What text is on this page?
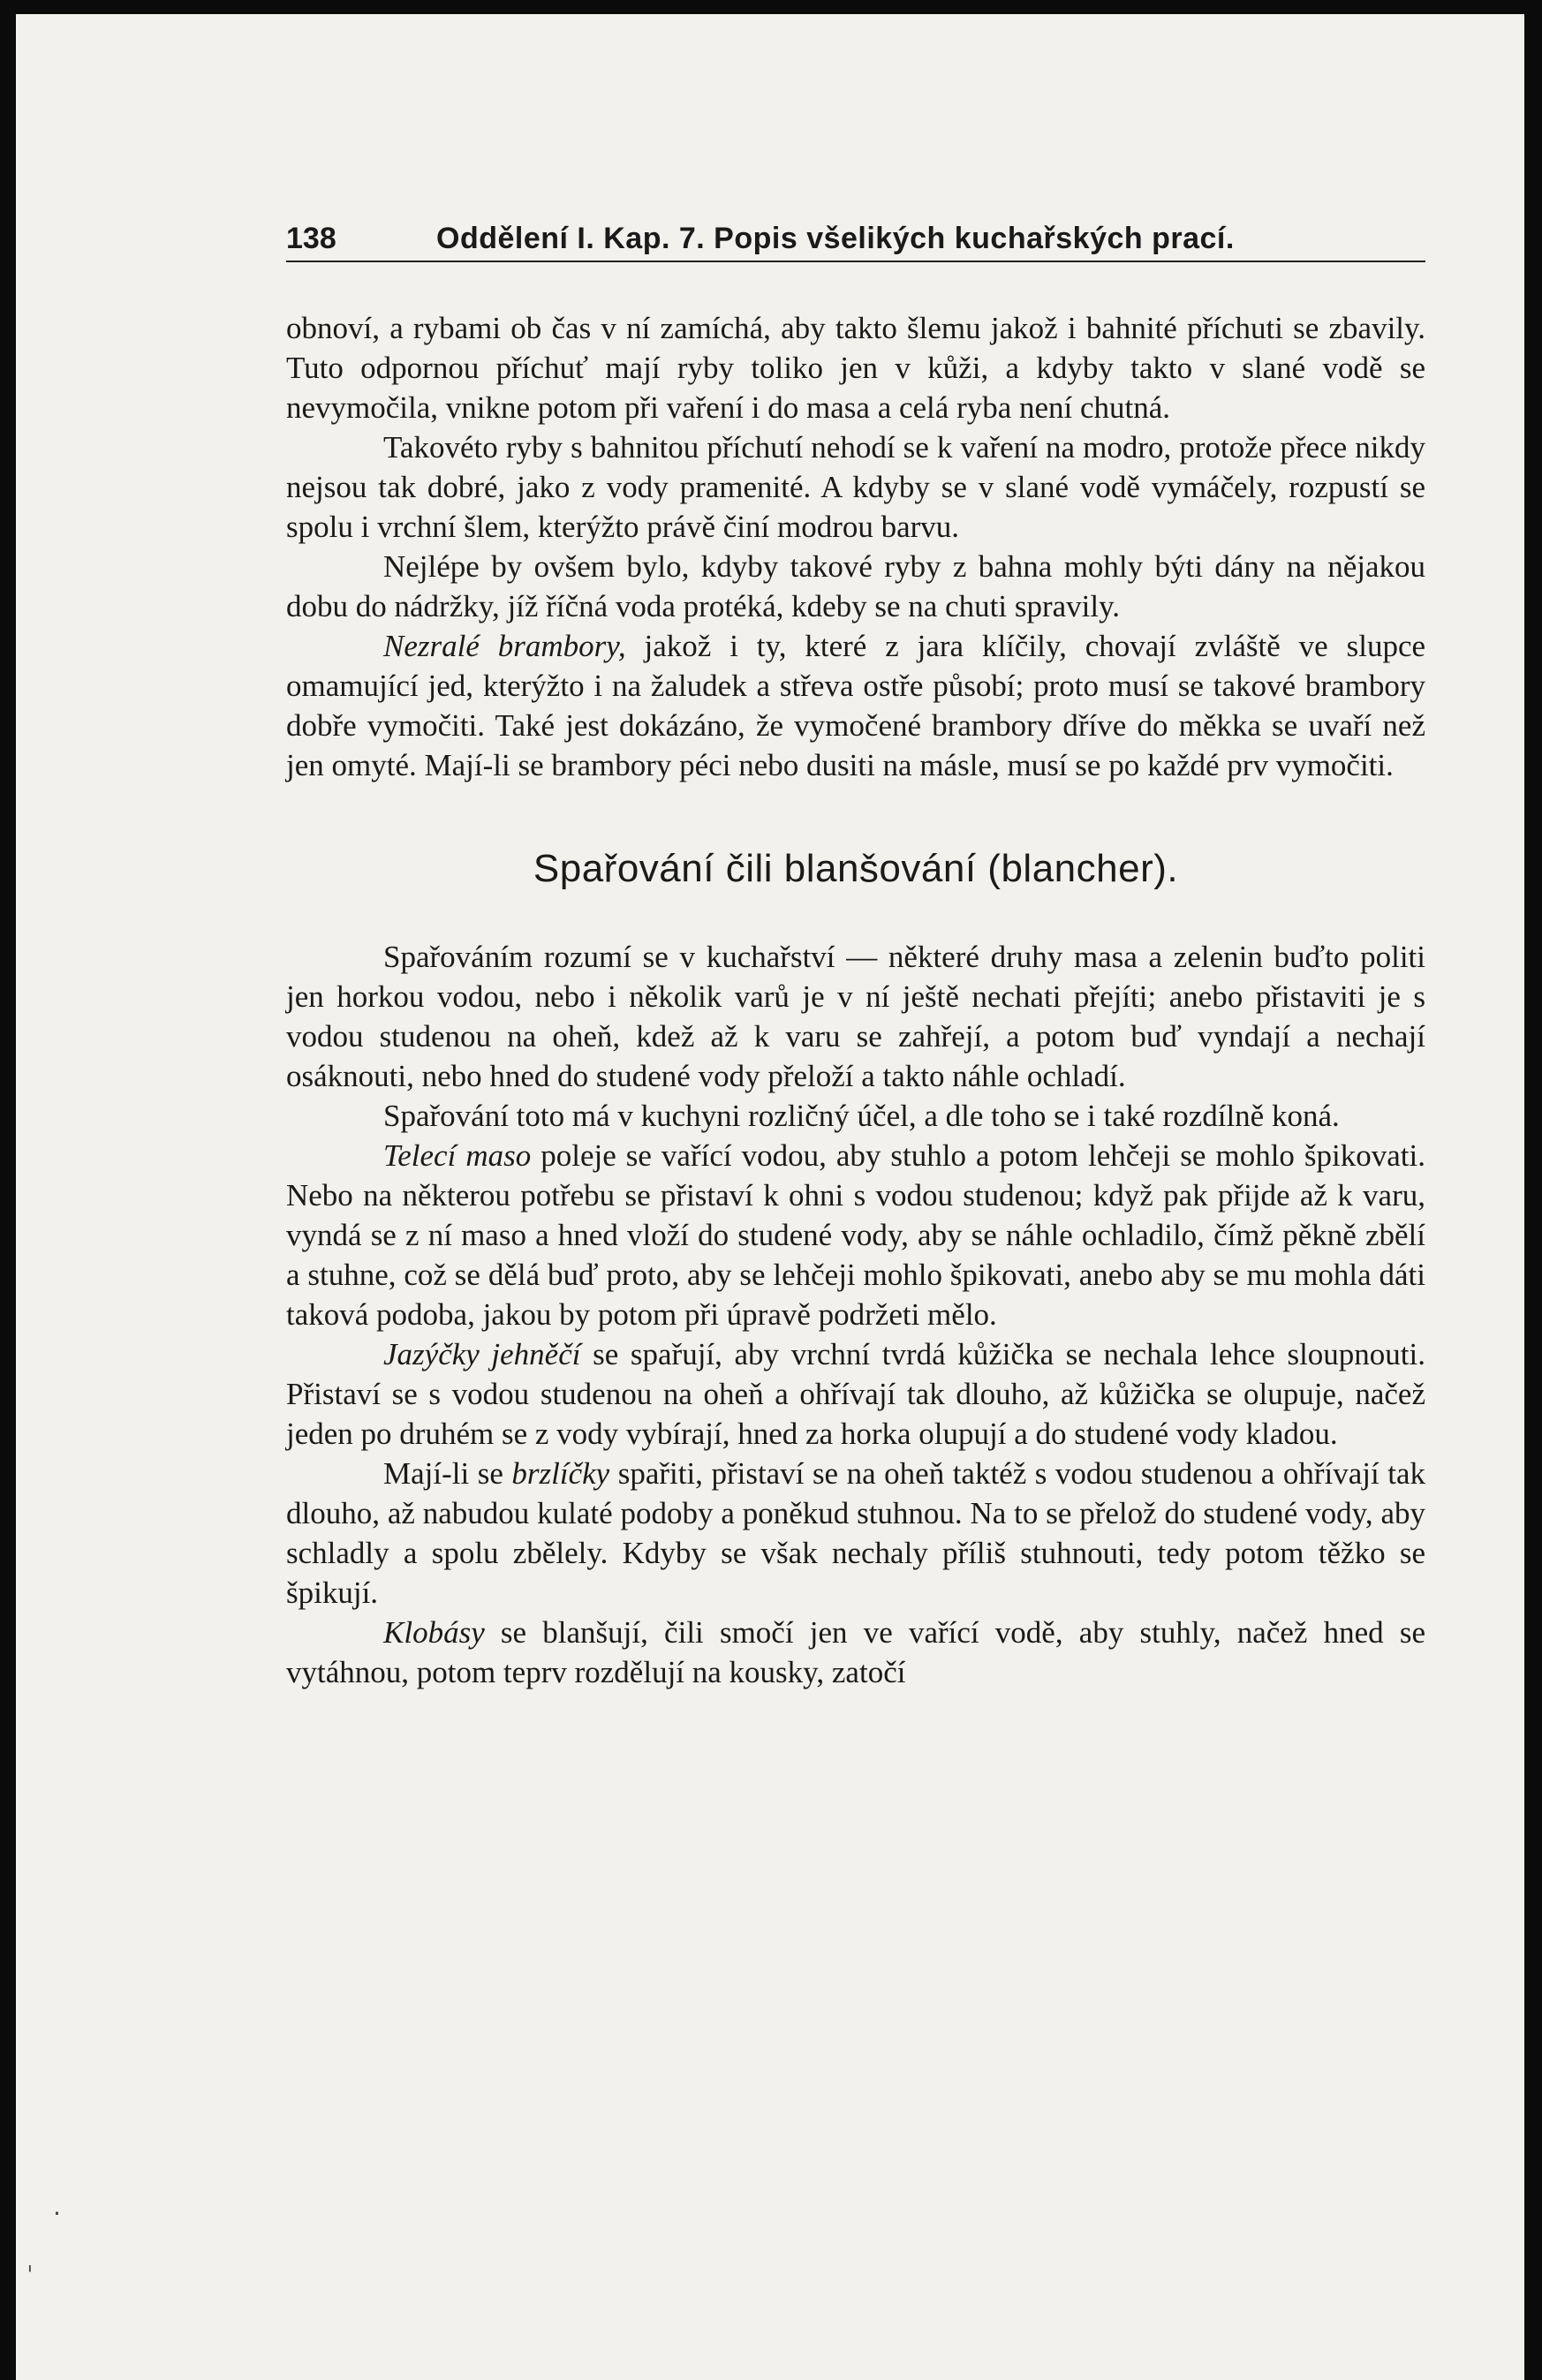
138	Oddělení I. Kap. 7. Popis všelikých kuchařských prací.

obnoví, a rybami ob čas v ní zamíchá, aby takto šlemu jakož i bahnité příchuti se zbavily. Tuto odpornou příchuť mají ryby toliko jen v kůži, a kdyby takto v slané vodě se nevymočila, vnikne potom při vaření i do masa a celá ryba není chutná.

Takovéto ryby s bahnitou příchutí nehodí se k vaření na modro, protože přece nikdy nejsou tak dobré, jako z vody pramenité. A kdyby se v slané vodě vymáčely, rozpustí se spolu i vrchní šlem, kterýžto právě činí modrou barvu.

Nejlépe by ovšem bylo, kdyby takové ryby z bahna mohly býti dány na nějakou dobu do nádržky, jíž říčná voda protéká, kdeby se na chuti spravily.

Nezralé brambory, jakož i ty, které z jara klíčily, chovají zvláště ve slupce omamující jed, kterýžto i na žaludek a střeva ostře působí; proto musí se takové brambory dobře vymočiti. Také jest dokázáno, že vymočené brambory dříve do měkka se uvaří než jen omyté. Mají-li se brambory péci nebo dusiti na másle, musí se po každé prv vymočiti.

Spařování čili blanšování (blancher).

Spařováním rozumí se v kuchařství — některé druhy masa a zelenin buďto politi jen horkou vodou, nebo i několik varů je v ní ještě nechati přejíti; anebo přistaviti je s vodou studenou na oheň, kdež až k varu se zahřejí, a potom buď vyndají a nechají osáknouti, nebo hned do studené vody přeloží a takto náhle ochladí.

Spařování toto má v kuchyni rozličný účel, a dle toho se i také rozdílně koná.

Telecí maso poleje se vařící vodou, aby stuhlo a potom lehčeji se mohlo špikovati. Nebo na některou potřebu se přistaví k ohni s vodou studenou; když pak přijde až k varu, vyndá se z ní maso a hned vloží do studené vody, aby se náhle ochladilo, čímž pěkně zbělí a stuhne, což se dělá buď proto, aby se lehčeji mohlo špikovati, anebo aby se mu mohla dáti taková podoba, jakou by potom při úpravě podržeti mělo.

Jazýčky jehněčí se spařují, aby vrchní tvrdá kůžička se nechala lehce sloupnouti. Přistaví se s vodou studenou na oheň a ohřívají tak dlouho, až kůžička se olupuje, načež jeden po druhém se z vody vybírají, hned za horka olupují a do studené vody kladou.

Mají-li se brzlíčky spařiti, přistaví se na oheň taktéž s vodou studenou a ohřívají tak dlouho, až nabudou kulaté podoby a poněkud stuhnou. Na to se přelož do studené vody, aby schladly a spolu zbělely. Kdyby se však nechaly příliš stuhnouti, tedy potom těžko se špikují.

Klobásy se blanšují, čili smočí jen ve vařící vodě, aby stuhly, načež hned se vytáhnou, potom teprv rozdělují na kousky, zatočí

·
ˈ
